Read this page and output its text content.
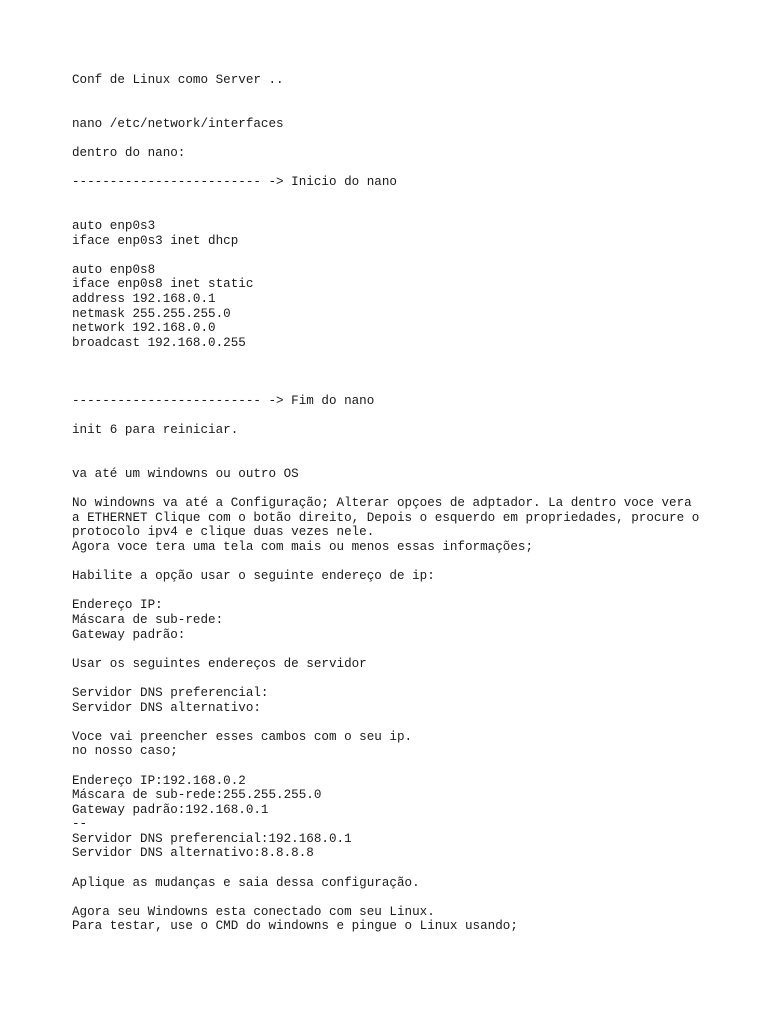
Conf de Linux como Server ..
nano /etc/network/interfaces
dentro do nano:
------------------------- -> Inicio do nano
auto enp0s3
iface enp0s3 inet dhcp
auto enp0s8
iface enp0s8 inet static
address 192.168.0.1
netmask 255.255.255.0
network 192.168.0.0
broadcast 192.168.0.255
------------------------- -> Fim do nano
init 6 para reiniciar.
va até um windowns ou outro OS
No windowns va até a Configuração; Alterar opçoes de adptador. La dentro voce vera
a ETHERNET Clique com o botão direito, Depois o esquerdo em propriedades, procure o
protocolo ipv4 e clique duas vezes nele.
Agora voce tera uma tela com mais ou menos essas informações;
Habilite a opção usar o seguinte endereço de ip:
Endereço IP:
Máscara de sub-rede:
Gateway padrão:
Usar os seguintes endereços de servidor
Servidor DNS preferencial:
Servidor DNS alternativo:
Voce vai preencher esses cambos com o seu ip.
no nosso caso;
Endereço IP:192.168.0.2
Máscara de sub-rede:255.255.255.0
Gateway padrão:192.168.0.1
--
Servidor DNS preferencial:192.168.0.1
Servidor DNS alternativo:8.8.8.8
Aplique as mudanças e saia dessa configuração.
Agora seu Windowns esta conectado com seu Linux.
Para testar, use o CMD do windowns e pingue o Linux usando;
